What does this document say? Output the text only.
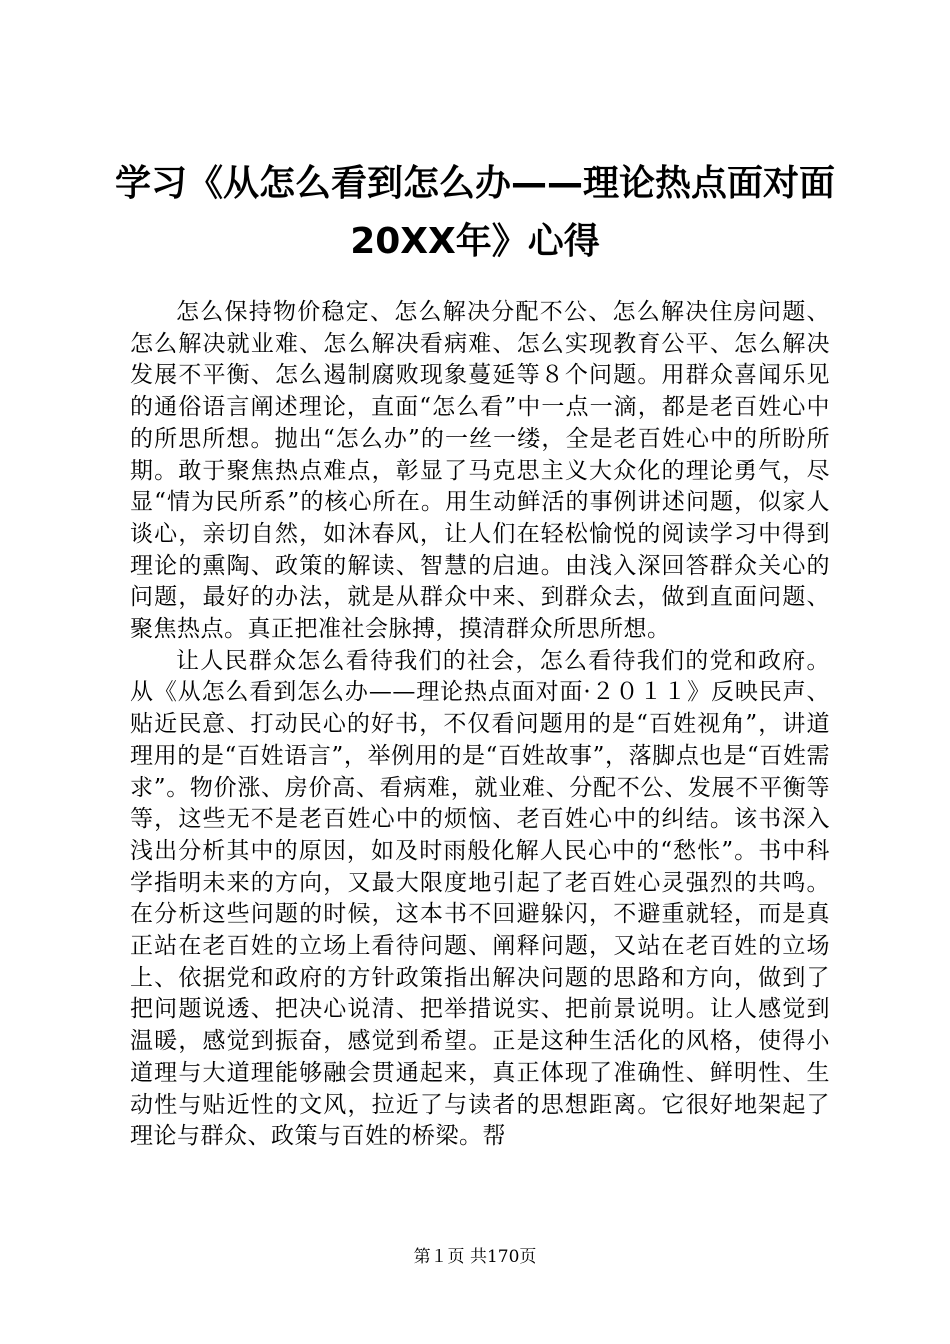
学习《从怎么看到怎么办——理论热点面对面
20XX年》心得

怎么保持物价稳定、怎么解决分配不公、怎么解决住房问题、怎么解决就业难、怎么解决看病难、怎么实现教育公平、怎么解决发展不平衡、怎么遏制腐败现象蔓延等８个问题。用群众喜闻乐见的通俗语言阐述理论，直面“怎么看”中一点一滴，都是老百姓心中的所思所想。抛出“怎么办”的一丝一缕，全是老百姓心中的所盼所期。敢于聚焦热点难点，彰显了马克思主义大众化的理论勇气，尽显“情为民所系”的核心所在。用生动鲜活的事例讲述问题，似家人谈心，亲切自然，如沐春风，让人们在轻松愉悦的阅读学习中得到理论的熏陶、政策的解读、智慧的启迪。由浅入深回答群众关心的问题，最好的办法，就是从群众中来、到群众去，做到直面问题、聚焦热点。真正把准社会脉搏，摸清群众所思所想。

让人民群众怎么看待我们的社会，怎么看待我们的党和政府。从《从怎么看到怎么办——理论热点面对面·２０１１》反映民声、贴近民意、打动民心的好书，不仅看问题用的是“百姓视角”，讲道理用的是“百姓语言”，举例用的是“百姓故事”，落脚点也是“百姓需求”。物价涨、房价高、看病难，就业难、分配不公、发展不平衡等等，这些无不是老百姓心中的烦恼、老百姓心中的纠结。该书深入浅出分析其中的原因，如及时雨般化解人民心中的“愁怅”。书中科学指明未来的方向，又最大限度地引起了老百姓心灵强烈的共鸣。在分析这些问题的时候，这本书不回避躲闪，不避重就轻，而是真正站在老百姓的立场上看待问题、阐释问题，又站在老百姓的立场上、依据党和政府的方针政策指出解决问题的思路和方向，做到了把问题说透、把决心说清、把举措说实、把前景说明。让人感觉到温暖，感觉到振奋，感觉到希望。正是这种生活化的风格，使得小道理与大道理能够融会贯通起来，真正体现了准确性、鲜明性、生动性与贴近性的文风，拉近了与读者的思想距离。它很好地架起了理论与群众、政策与百姓的桥梁。帮

第１页 共170页
